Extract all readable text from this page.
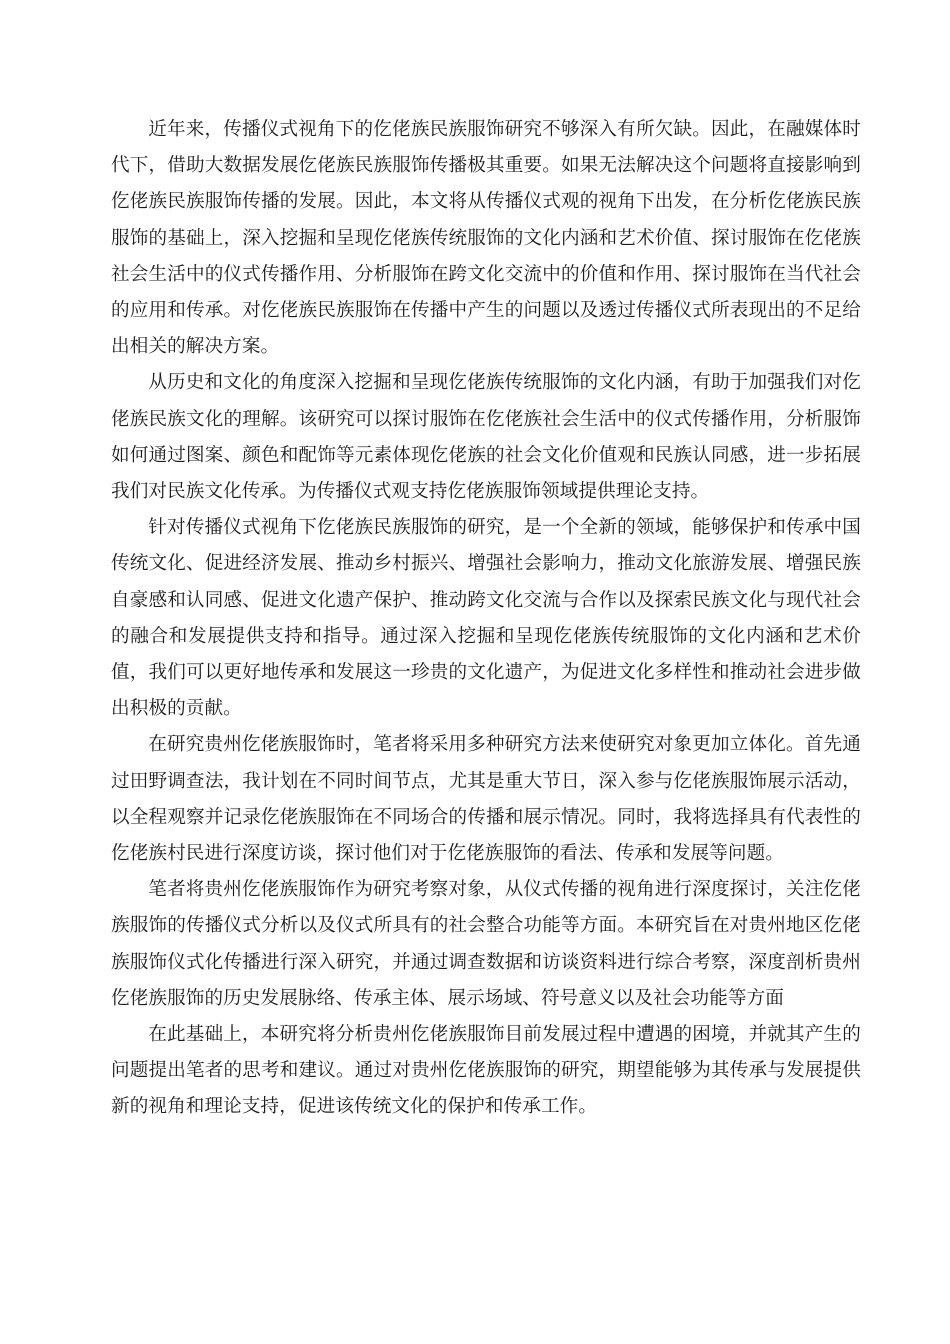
近年来，传播仪式视角下的仡佬族民族服饰研究不够深入有所欠缺。因此，在融媒体时代下，借助大数据发展仡佬族民族服饰传播极其重要。如果无法解决这个问题将直接影响到仡佬族民族服饰传播的发展。因此，本文将从传播仪式观的视角下出发，在分析仡佬族民族服饰的基础上，深入挖掘和呈现仡佬族传统服饰的文化内涵和艺术价值、探讨服饰在仡佬族社会生活中的仪式传播作用、分析服饰在跨文化交流中的价值和作用、探讨服饰在当代社会的应用和传承。对仡佬族民族服饰在传播中产生的问题以及透过传播仪式所表现出的不足给出相关的解决方案。

从历史和文化的角度深入挖掘和呈现仡佬族传统服饰的文化内涵，有助于加强我们对仡佬族民族文化的理解。该研究可以探讨服饰在仡佬族社会生活中的仪式传播作用，分析服饰如何通过图案、颜色和配饰等元素体现仡佬族的社会文化价值观和民族认同感，进一步拓展我们对民族文化传承。为传播仪式观支持仡佬族服饰领域提供理论支持。

针对传播仪式视角下仡佬族民族服饰的研究，是一个全新的领域，能够保护和传承中国传统文化、促进经济发展、推动乡村振兴、增强社会影响力，推动文化旅游发展、增强民族自豪感和认同感、促进文化遗产保护、推动跨文化交流与合作以及探索民族文化与现代社会的融合和发展提供支持和指导。通过深入挖掘和呈现仡佬族传统服饰的文化内涵和艺术价值，我们可以更好地传承和发展这一珍贵的文化遗产，为促进文化多样性和推动社会进步做出积极的贡献。

在研究贵州仡佬族服饰时，笔者将采用多种研究方法来使研究对象更加立体化。首先通过田野调查法，我计划在不同时间节点，尤其是重大节日，深入参与仡佬族服饰展示活动，以全程观察并记录仡佬族服饰在不同场合的传播和展示情况。同时，我将选择具有代表性的仡佬族村民进行深度访谈，探讨他们对于仡佬族服饰的看法、传承和发展等问题。

笔者将贵州仡佬族服饰作为研究考察对象，从仪式传播的视角进行深度探讨，关注仡佬族服饰的传播仪式分析以及仪式所具有的社会整合功能等方面。本研究旨在对贵州地区仡佬族服饰仪式化传播进行深入研究，并通过调查数据和访谈资料进行综合考察，深度剖析贵州仡佬族服饰的历史发展脉络、传承主体、展示场域、符号意义以及社会功能等方面

在此基础上，本研究将分析贵州仡佬族服饰目前发展过程中遭遇的困境，并就其产生的问题提出笔者的思考和建议。通过对贵州仡佬族服饰的研究，期望能够为其传承与发展提供新的视角和理论支持，促进该传统文化的保护和传承工作。
